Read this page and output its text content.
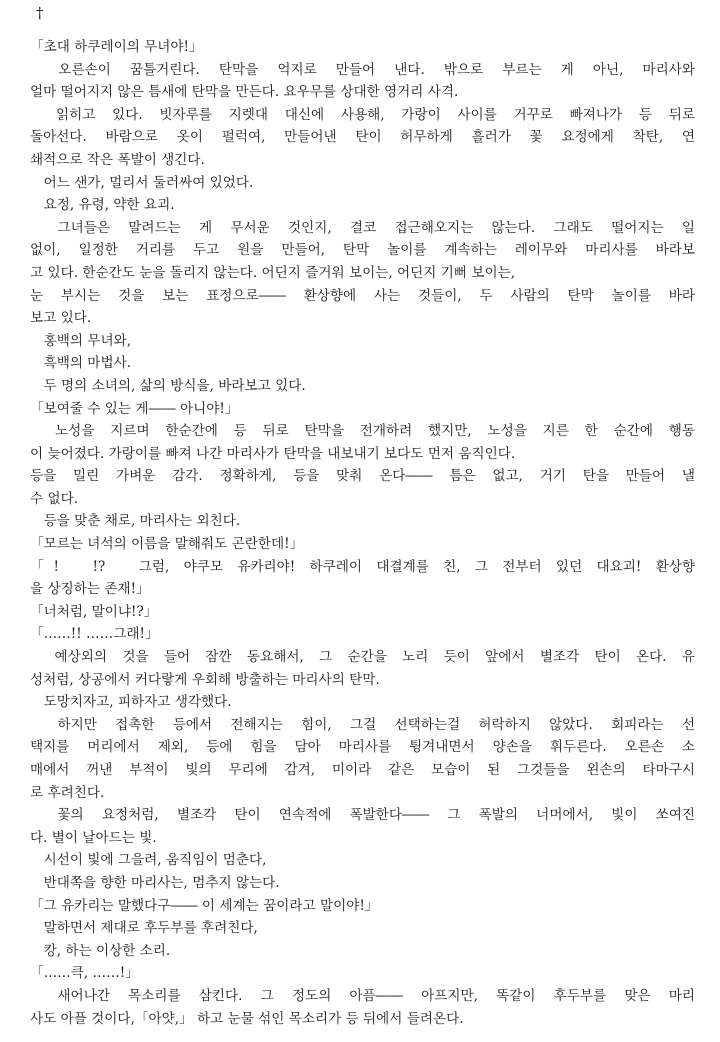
†
「초대 하쿠레이의 무녀야!」
　오른손이 꿈틀거린다. 탄막을 억지로 만들어 낸다. 밖으로 부르는 게 아닌, 마리사와
얼마 떨어지지 않은 틈새에 탄막을 만든다. 요우무를 상대한 영거리 사격.
　읽히고 있다. 빗자루를 지렛대 대신에 사용해, 가랑이 사이를 거꾸로 빠져나가 등 뒤로
돌아선다. 바람으로 옷이 펄럭여, 만들어낸 탄이 허무하게 흘러가 꽃 요정에게 착탄, 연
쇄적으로 작은 폭발이 생긴다.
　어느 샌가, 멀리서 둘러싸여 있었다.
　요정, 유령, 약한 요괴.
　그녀들은 말려드는 게 무서운 것인지, 결코 접근해오지는 않는다. 그래도 떨어지는 일
없이, 일정한 거리를 두고 원을 만들어, 탄막 놀이를 계속하는 레이무와 마리사를 바라보
고 있다. 한순간도 눈을 돌리지 않는다. 어딘지 즐거워 보이는, 어딘지 기뻐 보이는,
눈 부시는 것을 보는 표정으로―― 환상향에 사는 것들이, 두 사람의 탄막 놀이를 바라
보고 있다.
　홍백의 무녀와,
　흑백의 마법사.
　두 명의 소녀의, 삶의 방식을, 바라보고 있다.
「보여줄 수 있는 게―― 아니야!」
　노성을 지르며 한순간에 등 뒤로 탄막을 전개하려 했지만, 노성을 지른 한 순간에 행동
이 늦어졌다. 가랑이를 빠져 나간 마리사가 탄막을 내보내기 보다도 먼저 움직인다.
등을 밀린 가벼운 감각. 정확하게, 등을 맞춰 온다―― 틈은 없고, 거기 탄을 만들어 낼
수 없다.
　등을 맞춘 채로, 마리사는 외친다.
「모르는 녀석의 이름을 말해줘도 곤란한데!」
「!　!?　그럼, 야쿠모 유카리야! 하쿠레이 대결계를 친, 그 전부터 있던 대요괴! 환상향
을 상징하는 존재!」
「너처럼, 말이냐!?」
「……!! ……그래!」
　예상외의 것을 들어 잠깐 동요해서, 그 순간을 노리 듯이 앞에서 별조각 탄이 온다. 유
성처럼, 상공에서 커다랗게 우회해 방출하는 마리사의 탄막.
　도망치자고, 피하자고 생각했다.
　하지만 접촉한 등에서 전해지는 힘이, 그걸 선택하는걸 허락하지 않았다. 회피라는 선
택지를 머리에서 제외, 등에 힘을 담아 마리사를 튕겨내면서 양손을 휘두른다. 오른손 소
매에서 꺼낸 부적이 빛의 무리에 감겨, 미이라 같은 모습이 된 그것들을 왼손의 타마구시
로 후려친다.
　꽃의 요정처럼, 별조각 탄이 연속적에 폭발한다―― 그 폭발의 너머에서, 빛이 쏘여진
다. 별이 날아드는 빛.
　시선이 빛에 그을려, 움직임이 멈춘다,
　반대쪽을 향한 마리사는, 멈추지 않는다.
「그 유카리는 말했다구―― 이 세계는 꿈이라고 말이야!」
　말하면서 제대로 후두부를 후려친다,
　캉, 하는 이상한 소리.
「……큭, ……!」
　새어나간 목소리를 삼킨다. 그 정도의 아픔―― 아프지만, 똑같이 후두부를 맞은 마리
사도 아플 것이다,「아얏,」 하고 눈물 섞인 목소리가 등 뒤에서 들려온다.
